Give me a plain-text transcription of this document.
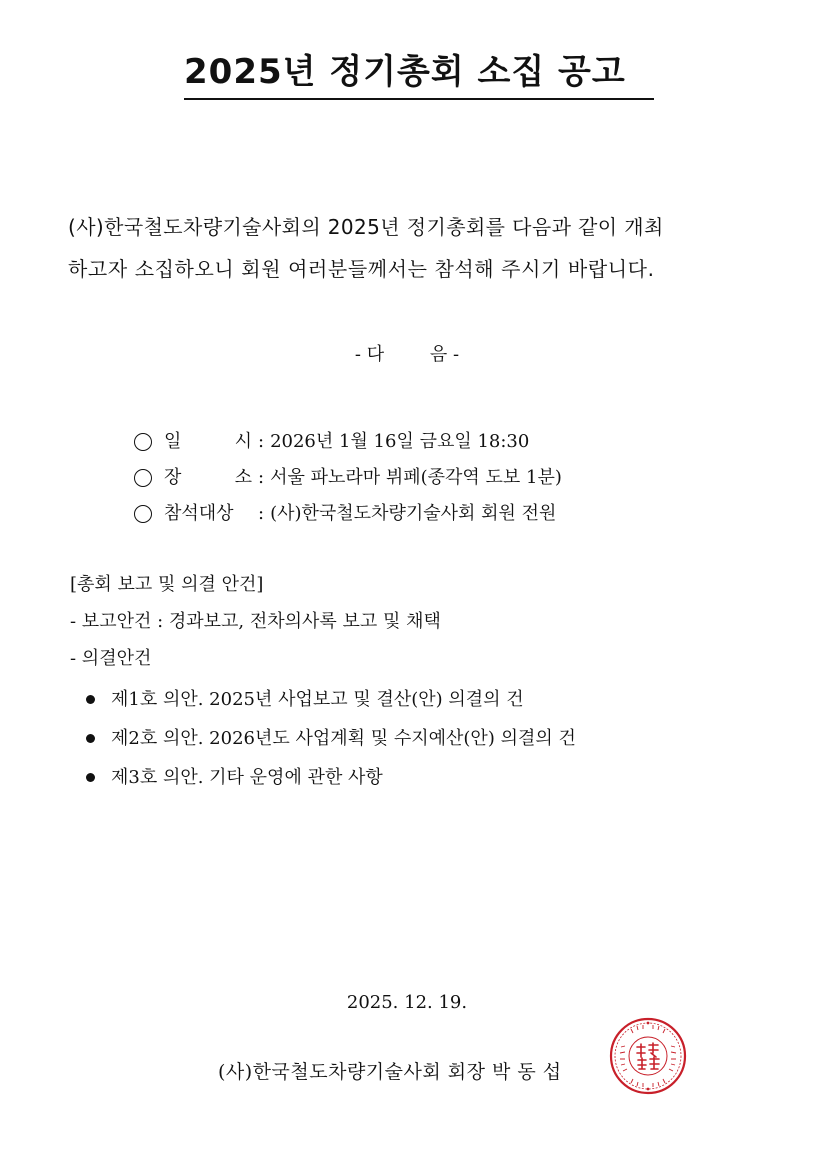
2025년 정기총회 소집 공고
(사)한국철도차량기술사회의 2025년 정기총회를 다음과 같이 개최
하고자 소집하오니 회원 여러분들께서는 참석해 주시기 바랍니다.
- 다        음 -
일 시 : 2026년 1월 16일 금요일 18:30
장 소 : 서울 파노라마 뷔페(종각역 도보 1분)
참석대상	: (사)한국철도차량기술사회 회원 전원
[총회 보고 및 의결 안건]
- 보고안건 : 경과보고, 전차의사록 보고 및 채택
- 의결안건
제1호 의안. 2025년 사업보고 및 결산(안) 의결의 건
제2호 의안. 2026년도 사업계획 및 수지예산(안) 의결의 건
제3호 의안. 기타 운영에 관한 사항
2025. 12. 19.
(사)한국철도차량기술사회 회장 박 동 섭
